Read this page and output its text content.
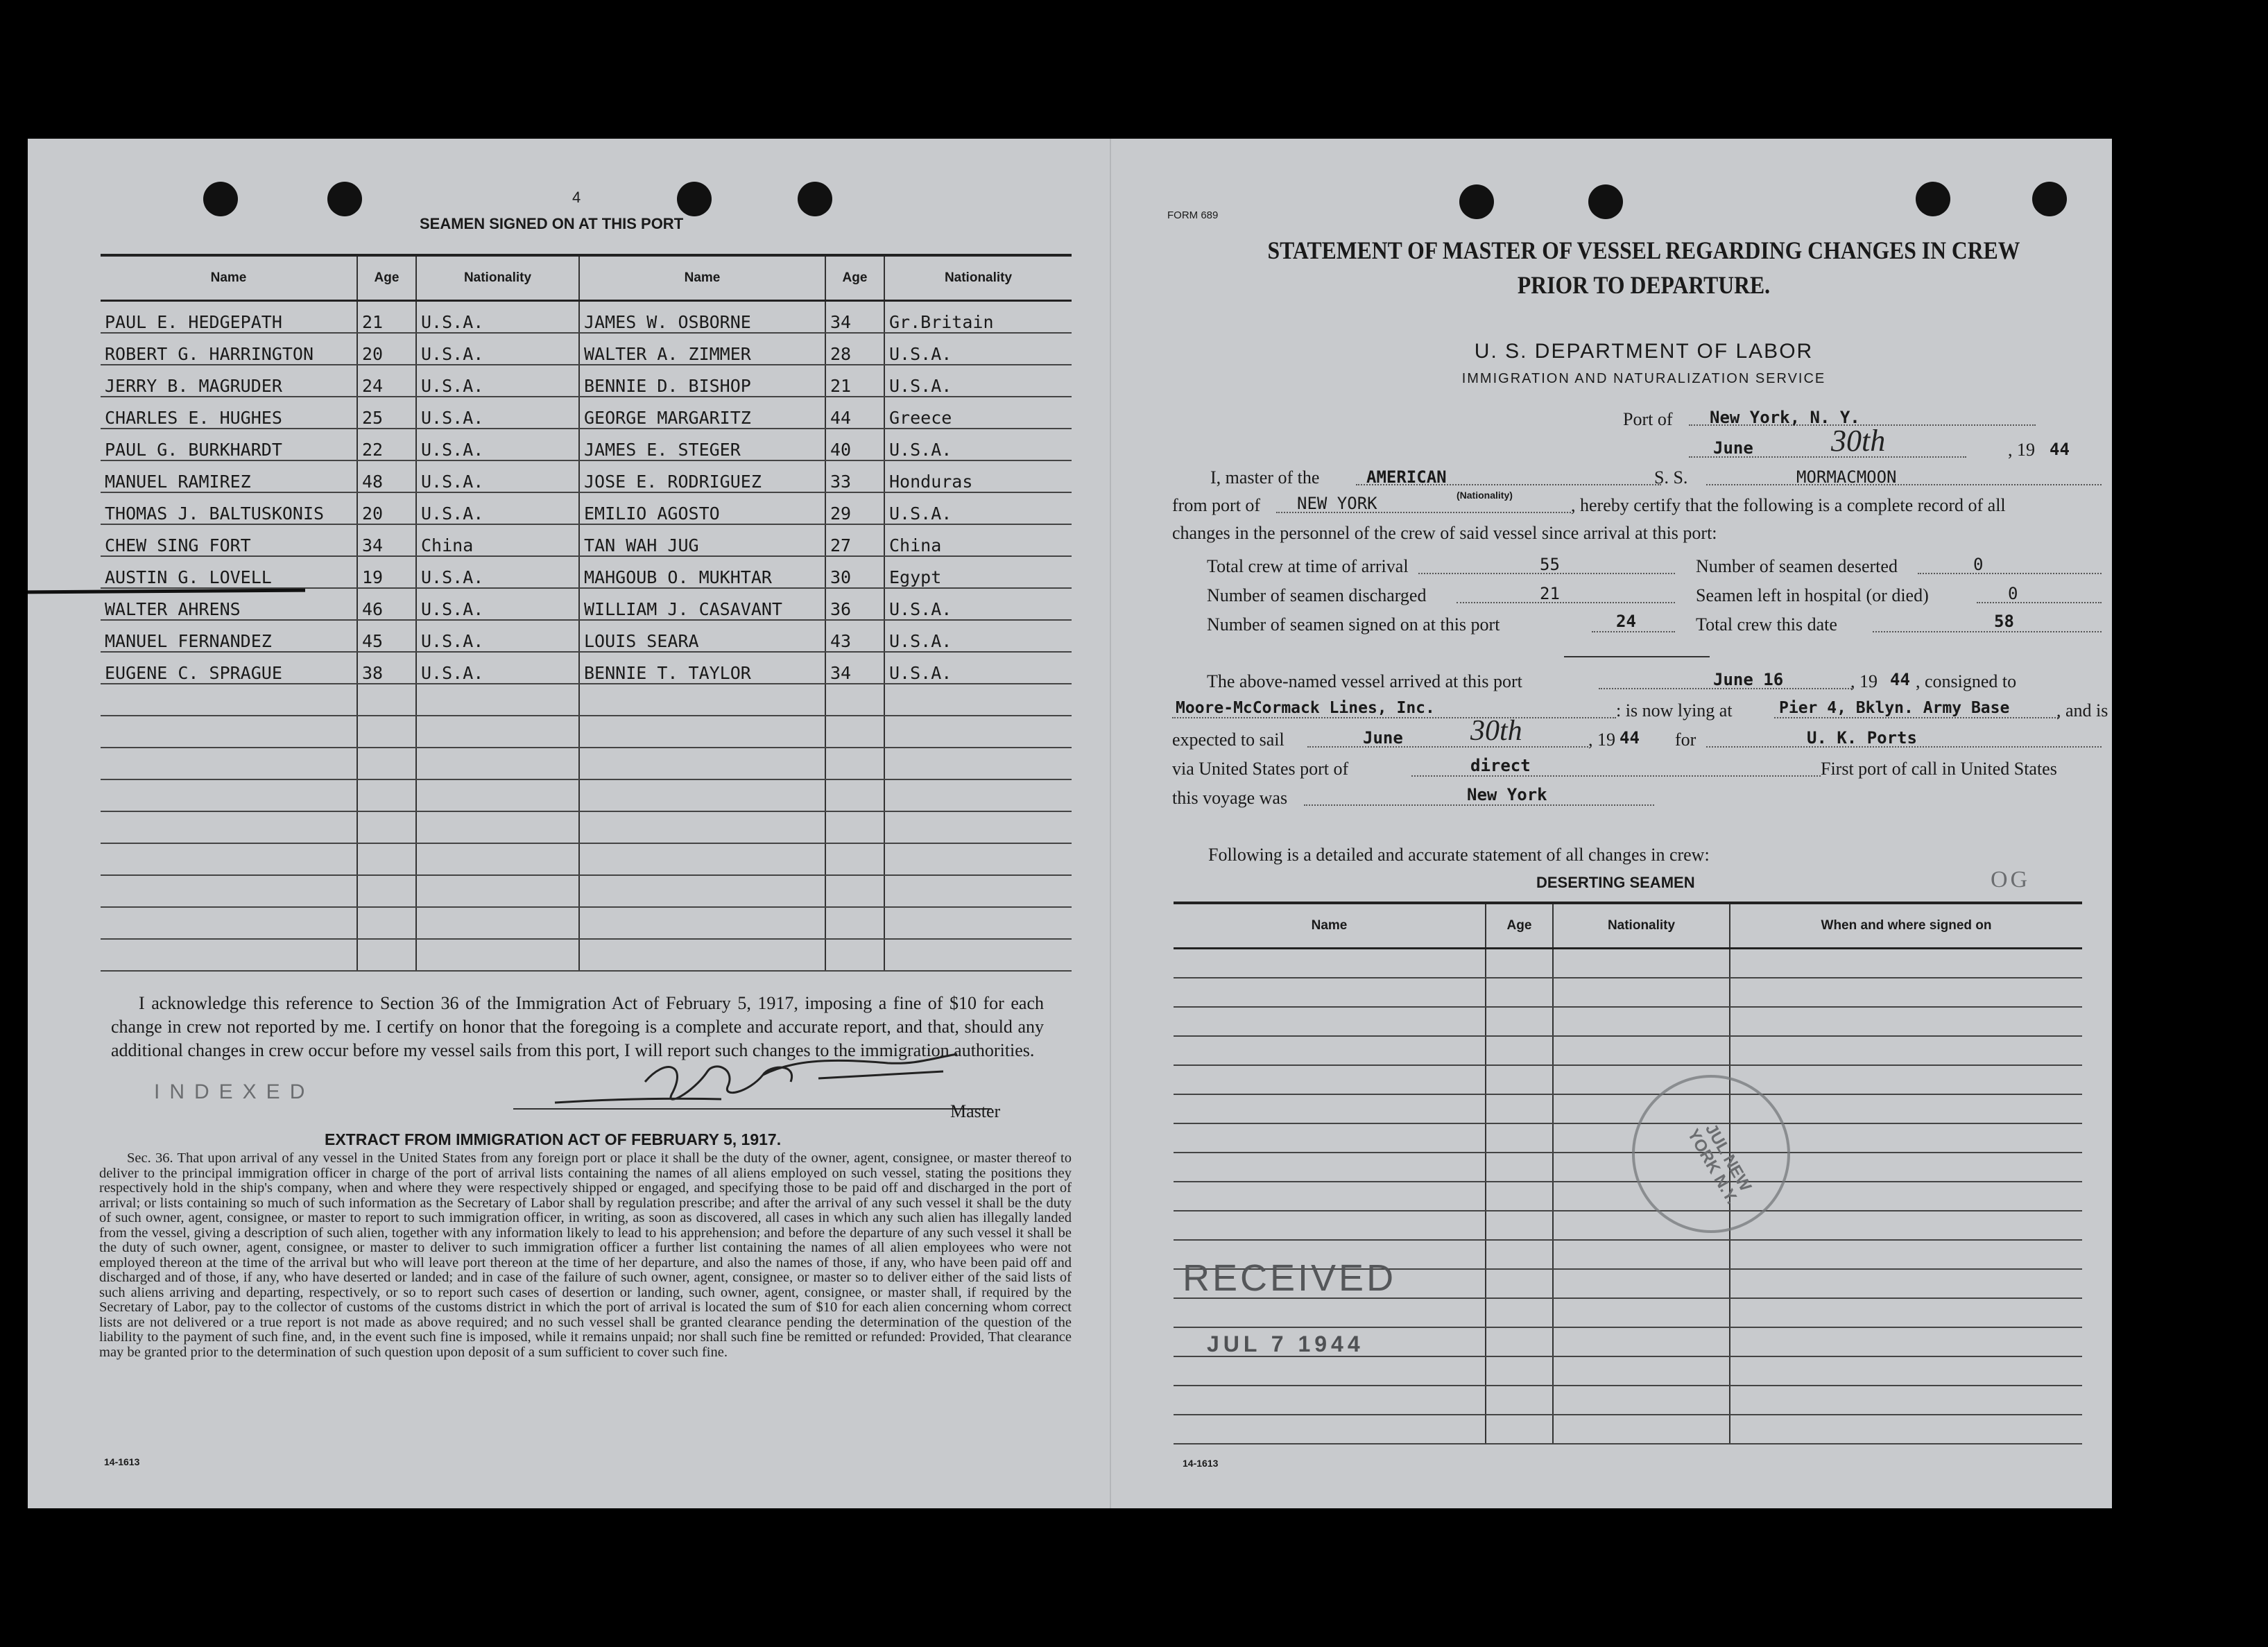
4
SEAMEN SIGNED ON AT THIS PORT
Name	Age	Nationality	Name	Age	Nationality
PAUL E. HEDGEPATH	21	U.S.A.	JAMES W. OSBORNE	34	Gr.Britain
ROBERT G. HARRINGTON	20	U.S.A.	WALTER A. ZIMMER	28	U.S.A.
JERRY B. MAGRUDER	24	U.S.A.	BENNIE D. BISHOP	21	U.S.A.
CHARLES E. HUGHES	25	U.S.A.	GEORGE MARGARITZ	44	Greece
PAUL G. BURKHARDT	22	U.S.A.	JAMES E. STEGER	40	U.S.A.
MANUEL RAMIREZ	48	U.S.A.	JOSE E. RODRIGUEZ	33	Honduras
THOMAS J. BALTUSKONIS	20	U.S.A.	EMILIO AGOSTO	29	U.S.A.
CHEW SING FORT	34	China	TAN WAH JUG	27	China
AUSTIN G. LOVELL	19	U.S.A.	MAHGOUB O. MUKHTAR	30	Egypt
WALTER AHRENS	46	U.S.A.	WILLIAM J. CASAVANT	36	U.S.A.
MANUEL FERNANDEZ	45	U.S.A.	LOUIS SEARA	43	U.S.A.
EUGENE C. SPRAGUE	38	U.S.A.	BENNIE T. TAYLOR	34	U.S.A.

I acknowledge this reference to Section 36 of the Immigration Act of February 5, 1917, imposing a fine of $10 for each change in crew not reported by me. I certify on honor that the foregoing is a complete and accurate report, and that, should any additional changes in crew occur before my vessel sails from this port, I will report such changes to the immigration authorities.
INDEXED
Master
EXTRACT FROM IMMIGRATION ACT OF FEBRUARY 5, 1917.
Sec. 36. That upon arrival of any vessel in the United States from any foreign port or place it shall be the duty of the owner, agent, consignee, or master thereof to deliver to the principal immigration officer in charge of the port of arrival lists containing the names of all aliens employed on such vessel, stating the positions they respectively hold in the ship's company, when and where they were respectively shipped or engaged, and specifying those to be paid off and discharged in the port of arrival; or lists containing so much of such information as the Secretary of Labor shall by regulation prescribe; and after the arrival of any such vessel it shall be the duty of such owner, agent, consignee, or master to report to such immigration officer, in writing, as soon as discovered, all cases in which any such alien has illegally landed from the vessel, giving a description of such alien, together with any information likely to lead to his apprehension; and before the departure of any such vessel it shall be the duty of such owner, agent, consignee, or master to deliver to such immigration officer a further list containing the names of all alien employees who were not employed thereon at the time of the arrival but who will leave port thereon at the time of her departure, and also the names of those, if any, who have been paid off and discharged and of those, if any, who have deserted or landed; and in case of the failure of such owner, agent, consignee, or master so to deliver either of the said lists of such aliens arriving and departing, respectively, or so to report such cases of desertion or landing, such owner, agent, consignee, or master shall, if required by the Secretary of Labor, pay to the collector of customs of the customs district in which the port of arrival is located the sum of $10 for each alien concerning whom correct lists are not delivered or a true report is not made as above required; and no such vessel shall be granted clearance pending the determination of the question of the liability to the payment of such fine, and, in the event such fine is imposed, while it remains unpaid; nor shall such fine be remitted or refunded: Provided, That clearance may be granted prior to the determination of such question upon deposit of a sum sufficient to cover such fine.
14-1613
FORM 689
STATEMENT OF MASTER OF VESSEL REGARDING CHANGES IN CREW
PRIOR TO DEPARTURE.
U. S. DEPARTMENT OF LABOR
IMMIGRATION AND NATURALIZATION SERVICE
Port of New York, N. Y.
June	30th	, 19 44
I, master of the	AMERICAN
(Nationality)
S. S.	MORMACMOON
from port of NEW YORK	, hereby certify that the following is a complete record of all
changes in the personnel of the crew of said vessel since arrival at this port:
Total crew at time of arrival	55	Number of seamen deserted	0
Number of seamen discharged	21	Seamen left in hospital (or died)	0
Number of seamen signed on at this port	24	Total crew this date	58
The above-named vessel arrived at this port	June 16	, 19 44 , consigned to
Moore-McCormack Lines, Inc.	: is now lying at	Pier 4, Bklyn. Army Base	, and is
expected to sail	June 30th	, 19 44 for	U. K. Ports
via United States port of	direct	First port of call in United States
this voyage was	New York
Following is a detailed and accurate statement of all changes in crew:
DESERTING SEAMEN	OG
Name	Age	Nationality	When and where signed on

JUL NEW YORK N.Y.
RECEIVED
JUL 7 1944
14-1613
